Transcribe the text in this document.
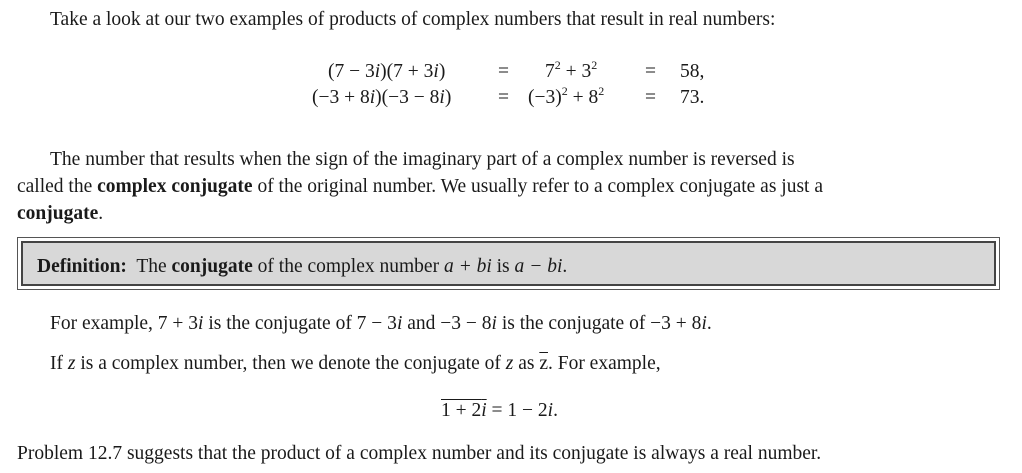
Take a look at our two examples of products of complex numbers that result in real numbers:
(7 − 3i)(7 + 3i)	= $7^2 + 3^2 = 58$,
$(-3 + 8i)(-3 - 8i) = (-3)^2 + 8^2 = 73$.
The number that results when the sign of the imaginary part of a complex number is reversed is
called the complex conjugate of the original number. We usually refer to a complex conjugate as just a
conjugate.
Definition: The conjugate of the complex number a + bi is a − bi.
For example, 7 + 3i is the conjugate of 7 − 3i and −3 − 8i is the conjugate of −3 + 8i.
If z is a complex number, then we denote the conjugate of z as $\overline{z}$. For example,
1 + 2i = 1 − 2i.
Problem 12.7 suggests that the product of a complex number and its conjugate is always a real number.
